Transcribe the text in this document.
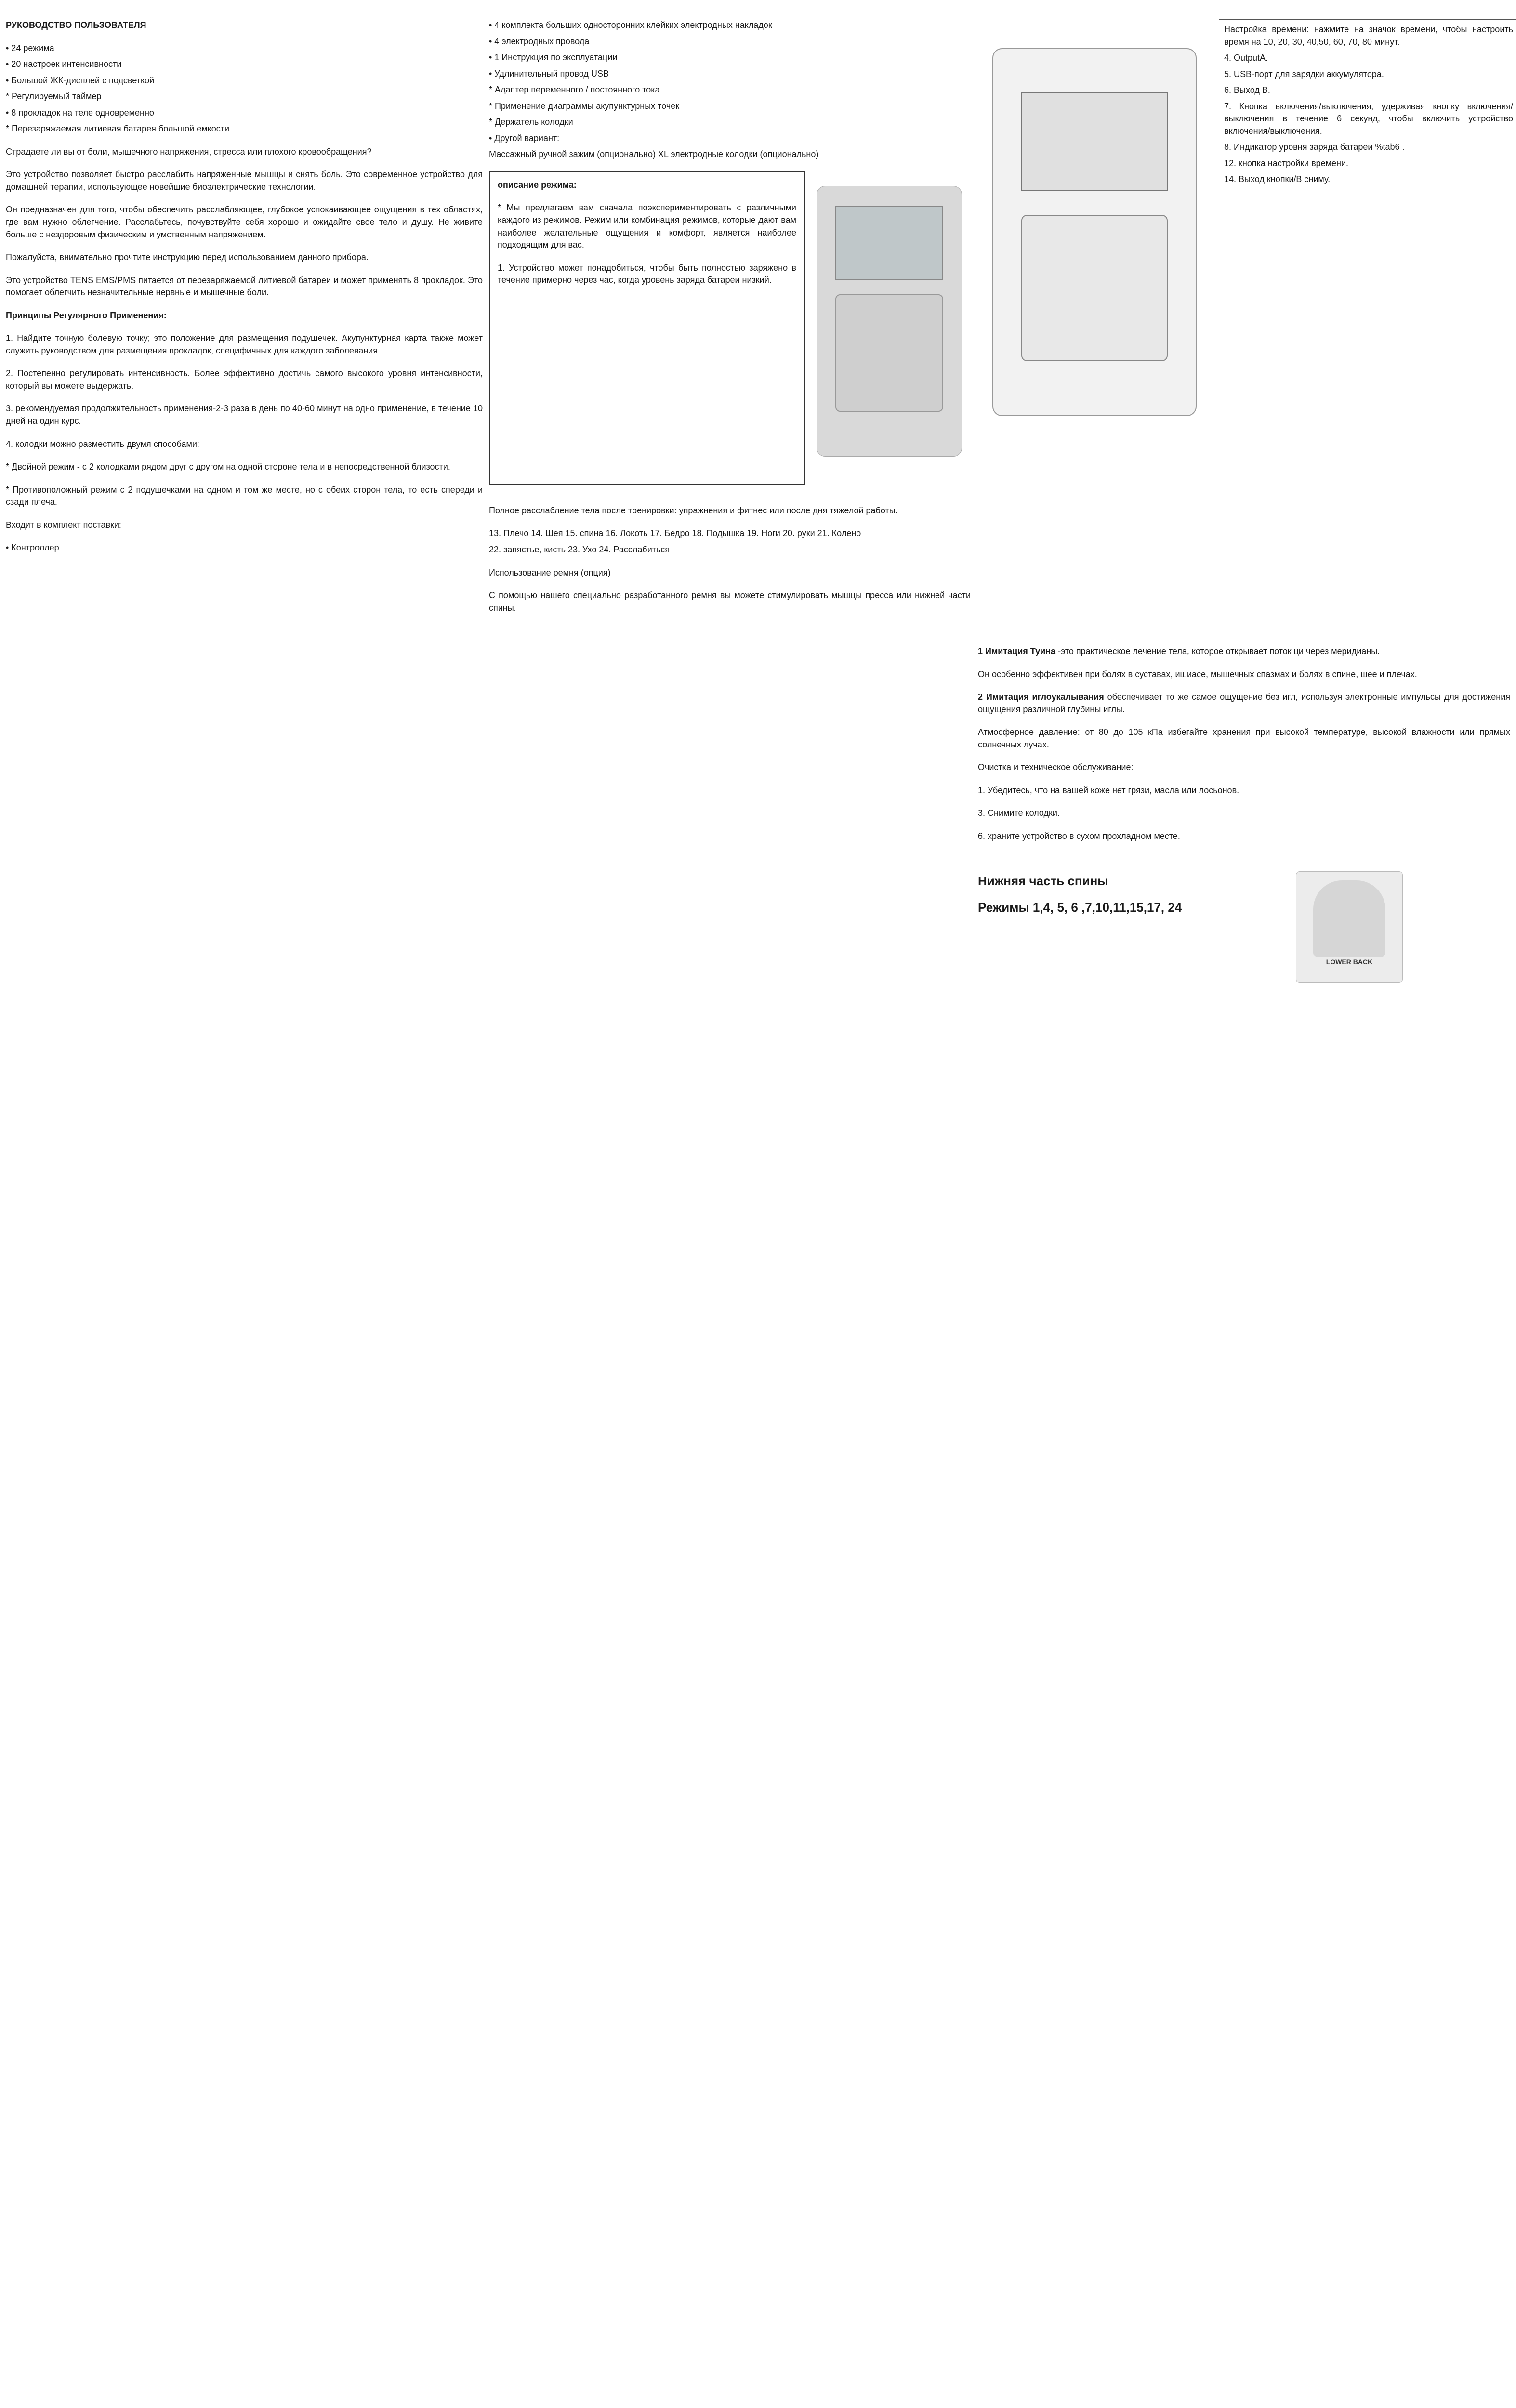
РУКОВОДСТВО ПОЛЬЗОВАТЕЛЯ

• 24 режима

• 20 настроек интенсивности

• Большой ЖК-дисплей с подсветкой

* Регулируемый таймер

• 8 прокладок на теле одновременно

* Перезаряжаемая литиевая батарея большой емкости

Страдаете ли вы от боли, мышечного напряжения, стресса или плохого кровообращения?

Это устройство позволяет быстро расслабить напряженные мышцы и снять боль. Это современное устройство для домашней терапии, использующее новейшие биоэлектрические технологии.

Он предназначен для того, чтобы обеспечить расслабляющее, глубокое успокаивающее ощущения в тех областях, где вам нужно облегчение. Расслабьтесь, почувствуйте себя хорошо и ожидайте свое тело и душу. Не живите больше с нездоровым физическим и умственным напряжением.

Пожалуйста, внимательно прочтите инструкцию перед использованием данного прибора.

Это устройство TENS EMS/PMS питается от перезаряжаемой литиевой батареи и может применять 8 прокладок. Это помогает облегчить незначительные нервные и мышечные боли.

Принципы Регулярного Применения:

1. Найдите точную болевую точку; это положение для размещения подушечек. Акупунктурная карта также может служить руководством для размещения прокладок, специфичных для каждого заболевания.

2. Постепенно регулировать интенсивность. Более эффективно достичь самого высокого уровня интенсивности, который вы можете выдержать.

3. рекомендуемая продолжительность применения-2-3 раза в день по 40-60 минут на одно применение, в течение 10 дней на один курс.

4. колодки можно разместить двумя способами:

* Двойной режим - с 2 колодками рядом друг с другом на одной стороне тела и в непосредственной близости.

* Противоположный режим с 2 подушечками на одном и том же месте, но с обеих сторон тела, то есть спереди и сзади плеча.

Входит в комплект поставки:

• Контроллер

• 4 комплекта больших односторонних клейких электродных накладок

• 4 электродных провода

• 1 Инструкция по эксплуатации

• Удлинительный провод USB

* Адаптер переменного / постоянного тока

* Применение диаграммы акупунктурных точек

* Держатель колодки

• Другой вариант:

Массажный ручной зажим (опционально) XL электродные колодки (опционально)

описание режима:

* Мы предлагаем вам сначала поэкспериментировать с различными каждого из режимов. Режим или комбинация режимов, которые дают вам наиболее желательные ощущения и комфорт, является наиболее подходящим для вас.

1. Устройство может понадобиться, чтобы быть полностью заряжено в течение примерно через час, когда уровень заряда батареи низкий.

Полное расслабление тела после тренировки: упражнения и фитнес или после дня тяжелой работы.

13. Плечо 14. Шея 15. спина 16. Локоть 17. Бедро 18. Подышка 19. Ноги 20. руки 21. Колено

22. запястье, кисть 23. Ухо 24. Расслабиться

Использование ремня (опция)

С помощью нашего специально разработанного ремня вы можете стимулировать мышцы пресса или нижней части спины.

Настройка времени: нажмите на значок времени, чтобы настроить время на 10, 20, 30, 40,50, 60, 70, 80 минут.

4. OutputA.

5. USB-порт для зарядки аккумулятора.

6. Выход B.

7. Кнопка включения/выключения; удерживая кнопку включения/выключения в течение 6 секунд, чтобы включить устройство включения/выключения.

8. Индикатор уровня заряда батареи %tab6 .

12. кнопка настройки времени.

14. Выход кнопки/В сниму.

1 Имитация Туина -это практическое лечение тела, которое открывает поток ци через меридианы.

Он особенно эффективен при болях в суставах, ишиасе, мышечных спазмах и болях в спине, шее и плечах.

2 Имитация иглоукалывания обеспечивает то же самое ощущение без игл, используя электронные импульсы для достижения ощущения различной глубины иглы.

Атмосферное давление: от 80 до 105 кПа избегайте хранения при высокой температуре, высокой влажности или прямых солнечных лучах.

Очистка и техническое обслуживание:

1. Убедитесь, что на вашей коже нет грязи, масла или лосьонов.

3. Снимите колодки.

6. храните устройство в сухом прохладном месте.

Нижняя часть спины

Режимы 1,4, 5, 6 ,7,10,11,15,17, 24

LOWER BACK
